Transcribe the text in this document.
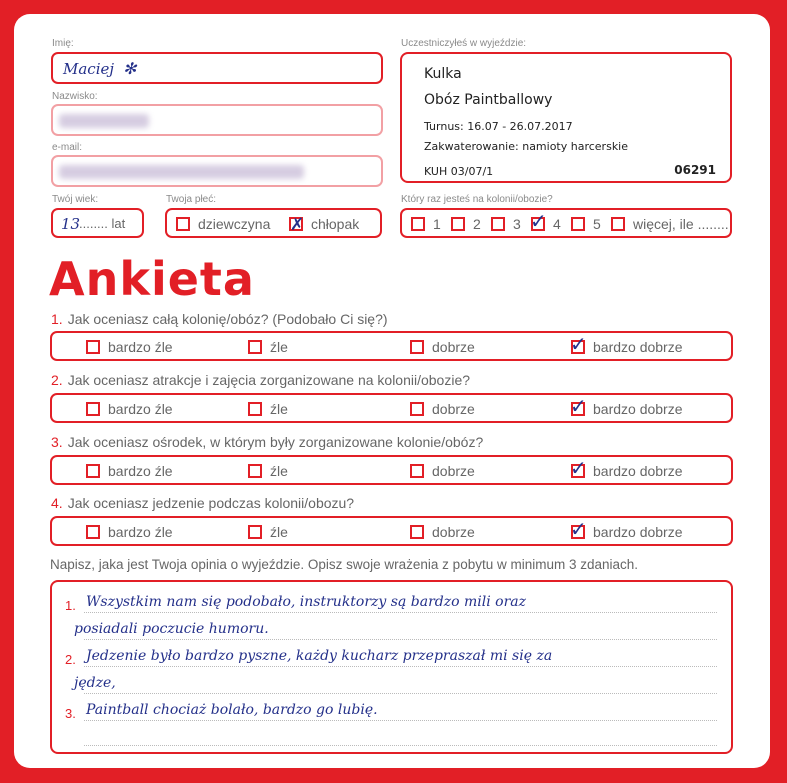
Imię:
Maciej ✻
Nazwisko:
e-mail:
Twój wiek:
13
........ lat
Twoja płeć:
dziewczyna ✗ chłopak
Uczestniczyłeś w wyjeździe:
Kulka
Obóz Paintballowy
Turnus: 16.07 - 26.07.2017
Zakwaterowanie: namioty harcerskie
KUH 03/07/1	06291
Który raz jesteś na kolonii/obozie?
1	2	3 ✓ 4	5	więcej, ile ........
Ankieta
1. Jak oceniasz całą kolonię/obóz? (Podobało Ci się?)
bardzo źle	źle	dobrze	✓ bardzo dobrze
2. Jak oceniasz atrakcje i zajęcia zorganizowane na kolonii/obozie?
bardzo źle	źle	dobrze	✓ bardzo dobrze
3. Jak oceniasz ośrodek, w którym były zorganizowane kolonie/obóz?
bardzo źle	źle	dobrze	✓ bardzo dobrze
4. Jak oceniasz jedzenie podczas kolonii/obozu?
bardzo źle	źle	dobrze	✓ bardzo dobrze
Napisz, jaka jest Twoja opinia o wyjeździe. Opisz swoje wrażenia z pobytu w minimum 3 zdaniach.
1.
2.
3.
Wszystkim nam się podobało, instruktorzy są bardzo mili oraz
posiadali poczucie humoru.
Jedzenie było bardzo pyszne, każdy kucharz przepraszał mi się za
jędze,
Paintball chociaż bolało, bardzo go lubię.
